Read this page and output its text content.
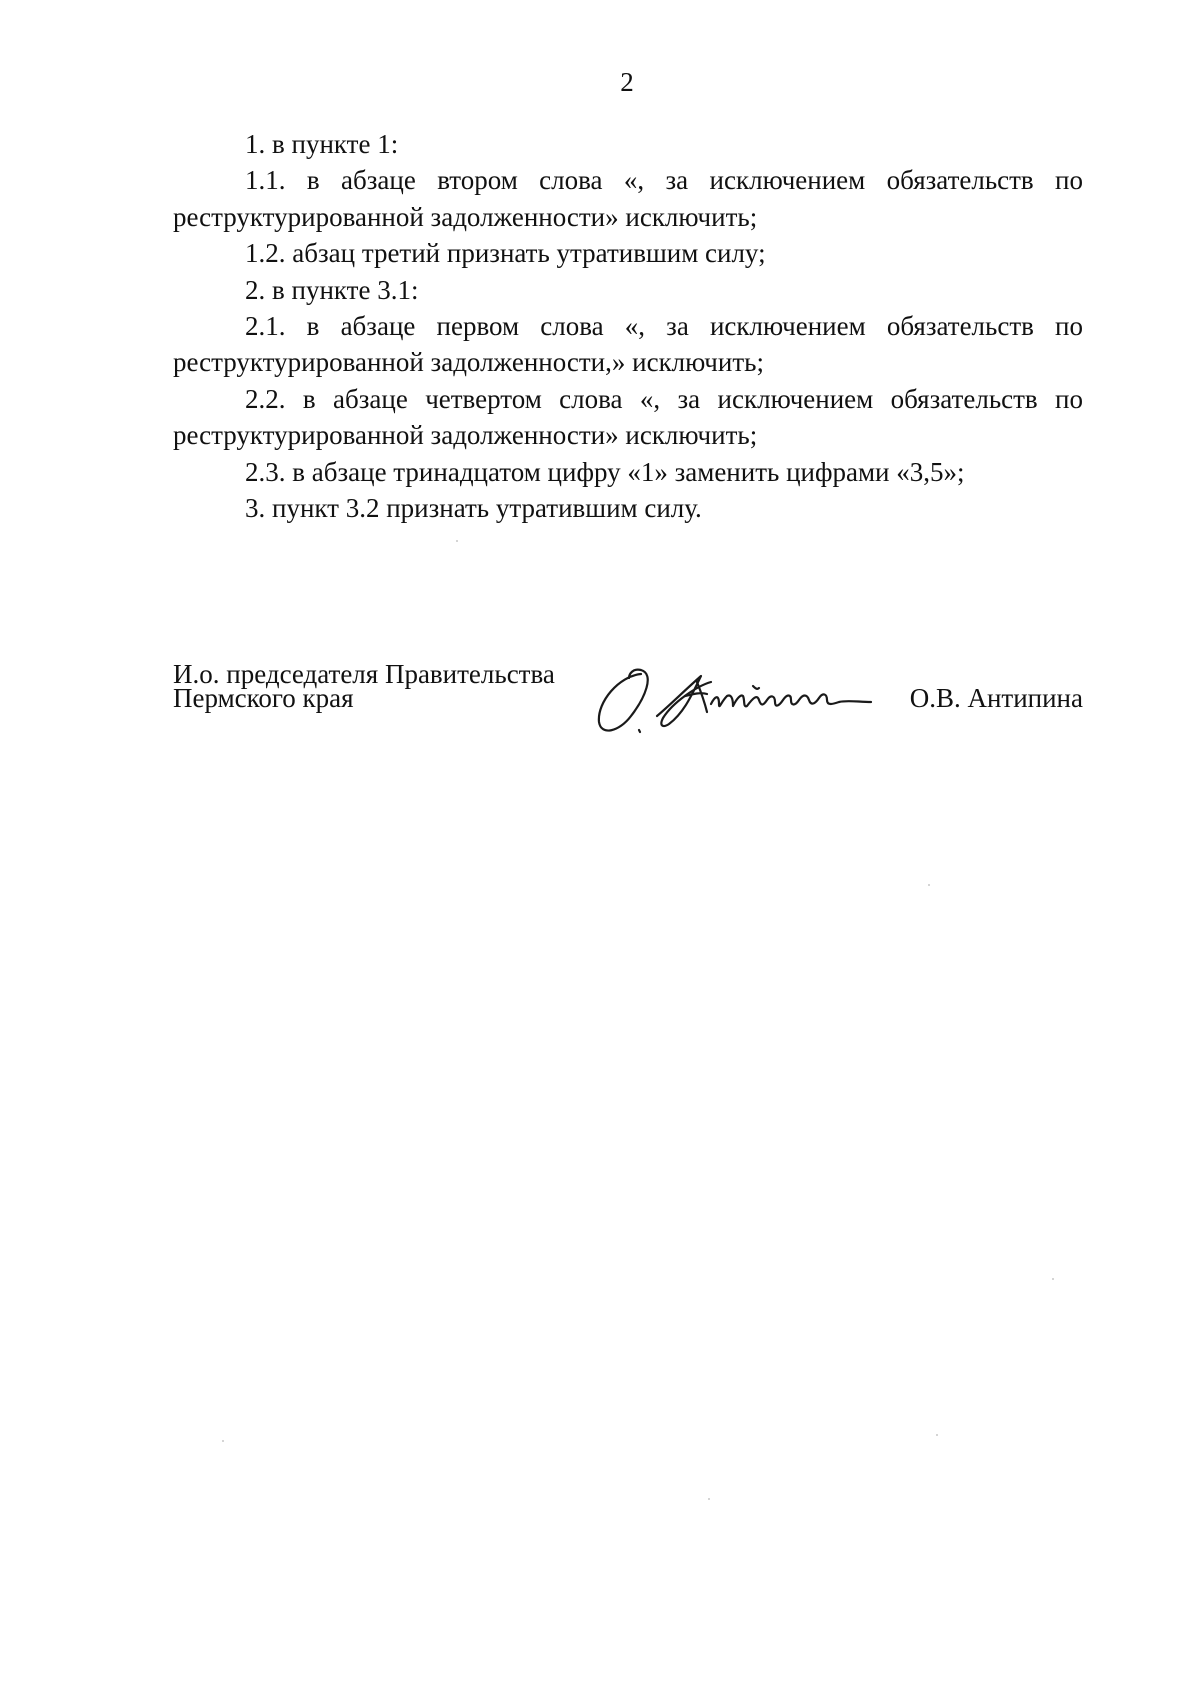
2

1. в пункте 1:

1.1. в абзаце втором слова «, за исключением обязательств по реструктурированной задолженности» исключить;

1.2. абзац третий признать утратившим силу;

2. в пункте 3.1:

2.1. в абзаце первом слова «, за исключением обязательств по реструктурированной задолженности,» исключить;

2.2. в абзаце четвертом слова «, за исключением обязательств по реструктурированной задолженности» исключить;

2.3. в абзаце тринадцатом цифру «1» заменить цифрами «3,5»;

3. пункт 3.2 признать утратившим силу.

И.о. председателя Правительства
Пермского края	О.В. Антипина
